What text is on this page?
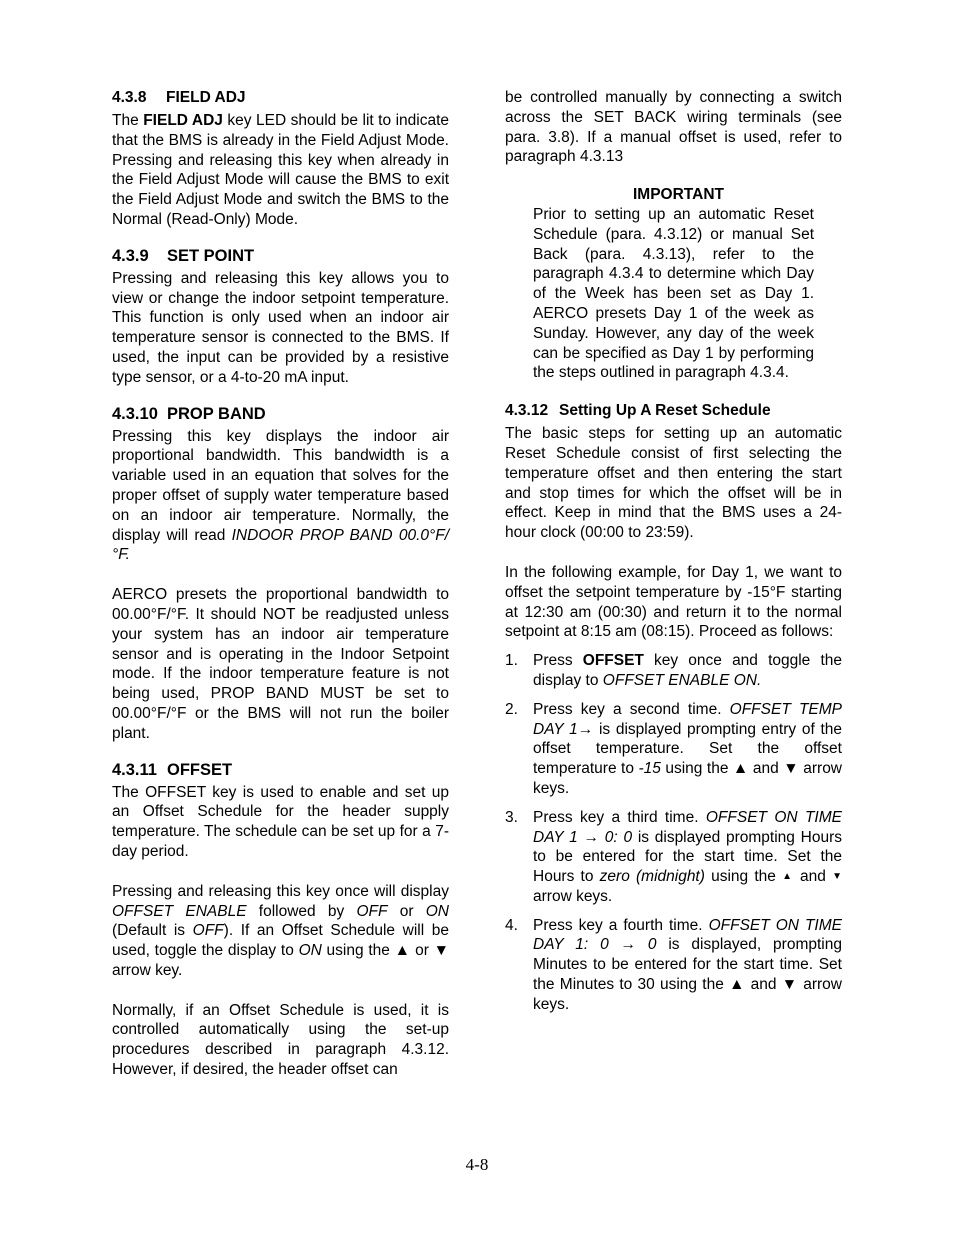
4.3.8 FIELD ADJ

The FIELD ADJ key LED should be lit to indicate that the BMS is already in the Field Adjust Mode. Pressing and releasing this key when already in the Field Adjust Mode will cause the BMS to exit the Field Adjust Mode and switch the BMS to the Normal (Read-Only) Mode.

4.3.9 SET POINT

Pressing and releasing this key allows you to view or change the indoor setpoint temperature. This function is only used when an indoor air temperature sensor is connected to the BMS. If used, the input can be provided by a resistive type sensor, or a 4-to-20 mA input.

4.3.10 PROP BAND

Pressing this key displays the indoor air proportional bandwidth. This bandwidth is a variable used in an equation that solves for the proper offset of supply water temperature based on an indoor air temperature. Normally, the display will read INDOOR PROP BAND 00.0°F/°F.

AERCO presets the proportional bandwidth to 00.00°F/°F. It should NOT be readjusted unless your system has an indoor air temperature sensor and is operating in the Indoor Setpoint mode. If the indoor temperature feature is not being used, PROP BAND MUST be set to 00.00°F/°F or the BMS will not run the boiler plant.

4.3.11 OFFSET

The OFFSET key is used to enable and set up an Offset Schedule for the header supply temperature. The schedule can be set up for a 7-day period.

Pressing and releasing this key once will display OFFSET ENABLE followed by OFF or ON (Default is OFF). If an Offset Schedule will be used, toggle the display to ON using the ▲ or ▼ arrow key.

Normally, if an Offset Schedule is used, it is controlled automatically using the set-up procedures described in paragraph 4.3.12. However, if desired, the header offset can

be controlled manually by connecting a switch across the SET BACK wiring terminals (see para. 3.8). If a manual offset is used, refer to paragraph 4.3.13

IMPORTANT

Prior to setting up an automatic Reset Schedule (para. 4.3.12) or manual Set Back (para. 4.3.13), refer to the paragraph 4.3.4 to determine which Day of the Week has been set as Day 1. AERCO presets Day 1 of the week as Sunday. However, any day of the week can be specified as Day 1 by performing the steps outlined in paragraph 4.3.4.

4.3.12 Setting Up A Reset Schedule

The basic steps for setting up an automatic Reset Schedule consist of first selecting the temperature offset and then entering the start and stop times for which the offset will be in effect. Keep in mind that the BMS uses a 24-hour clock (00:00 to 23:59).

In the following example, for Day 1, we want to offset the setpoint temperature by -15°F starting at 12:30 am (00:30) and return it to the normal setpoint at 8:15 am (08:15). Proceed as follows:

1. Press OFFSET key once and toggle the display to OFFSET ENABLE ON.
2. Press key a second time. OFFSET TEMP DAY 1→ is displayed prompting entry of the offset temperature. Set the offset temperature to -15 using the ▲ and ▼ arrow keys.
3. Press key a third time. OFFSET ON TIME DAY 1 → 0: 0 is displayed prompting Hours to be entered for the start time. Set the Hours to zero (midnight) using the ▲ and ▼ arrow keys.
4. Press key a fourth time. OFFSET ON TIME DAY 1: 0 → 0 is displayed, prompting Minutes to be entered for the start time. Set the Minutes to 30 using the ▲ and ▼ arrow keys.
4-8
